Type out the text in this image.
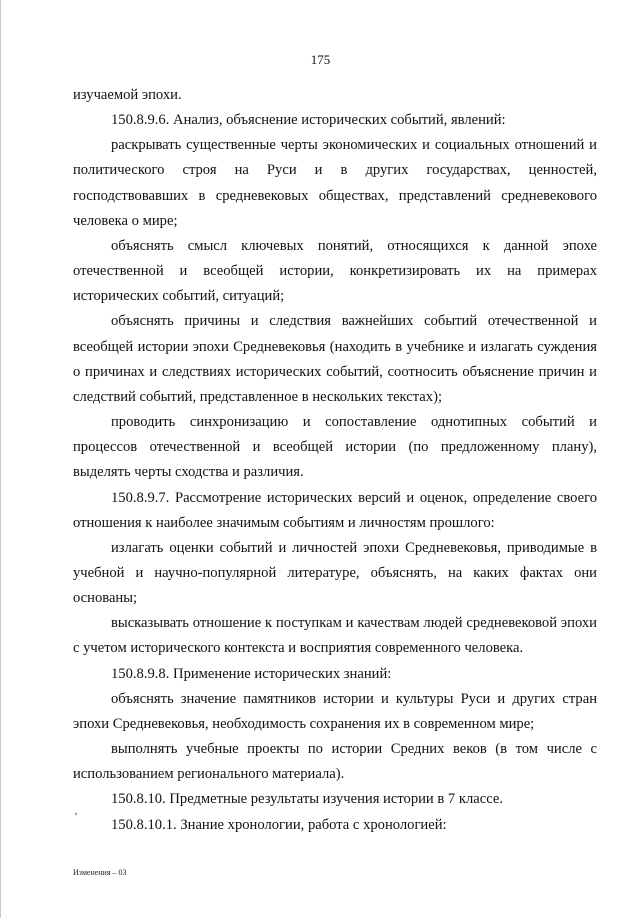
175

изучаемой эпохи.

150.8.9.6. Анализ, объяснение исторических событий, явлений:

раскрывать существенные черты экономических и социальных отношений и политического строя на Руси и в других государствах, ценностей, господствовавших в средневековых обществах, представлений средневекового человека о мире;

объяснять смысл ключевых понятий, относящихся к данной эпохе отечественной и всеобщей истории, конкретизировать их на примерах исторических событий, ситуаций;

объяснять причины и следствия важнейших событий отечественной и всеобщей истории эпохи Средневековья (находить в учебнике и излагать суждения о причинах и следствиях исторических событий, соотносить объяснение причин и следствий событий, представленное в нескольких текстах);

проводить синхронизацию и сопоставление однотипных событий и процессов отечественной и всеобщей истории (по предложенному плану), выделять черты сходства и различия.

150.8.9.7. Рассмотрение исторических версий и оценок, определение своего отношения к наиболее значимым событиям и личностям прошлого:

излагать оценки событий и личностей эпохи Средневековья, приводимые в учебной и научно-популярной литературе, объяснять, на каких фактах они основаны;

высказывать отношение к поступкам и качествам людей средневековой эпохи с учетом исторического контекста и восприятия современного человека.

150.8.9.8. Применение исторических знаний:

объяснять значение памятников истории и культуры Руси и других стран эпохи Средневековья, необходимость сохранения их в современном мире;

выполнять учебные проекты по истории Средних веков (в том числе с использованием регионального материала).

150.8.10. Предметные результаты изучения истории в 7 классе.

150.8.10.1. Знание хронологии, работа с хронологией:

ʼ
Изменения – 03
